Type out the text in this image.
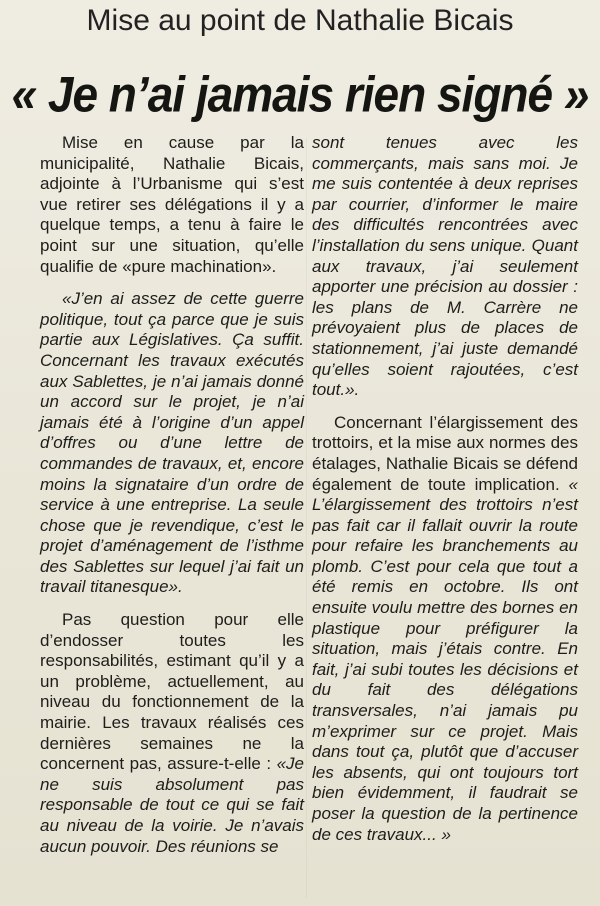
Mise au point de Nathalie Bicais
« Je n’ai jamais rien signé »

Mise en cause par la municipalité, Nathalie Bicais, adjointe à l’Urbanisme qui s’est vue retirer ses délégations il y a quelque temps, a tenu à faire le point sur une situation, qu’elle qualifie de «pure machination».

«J’en ai assez de cette guerre politique, tout ça parce que je suis partie aux Législatives. Ça suffit. Concernant les travaux exécutés aux Sablettes, je n’ai jamais donné un accord sur le projet, je n’ai jamais été à l’origine d’un appel d’offres ou d’une lettre de commandes de travaux, et, encore moins la signataire d’un ordre de service à une entreprise. La seule chose que je revendique, c’est le projet d’aménagement de l’isthme des Sablettes sur lequel j’ai fait un travail titanesque».

Pas question pour elle d’endosser toutes les responsabilités, estimant qu’il y a un problème, actuellement, au niveau du fonctionnement de la mairie. Les travaux réalisés ces dernières semaines ne la concernent pas, assure-t-elle : «Je ne suis absolument pas responsable de tout ce qui se fait au niveau de la voirie. Je n’avais aucun pouvoir. Des réunions se

sont tenues avec les commerçants, mais sans moi. Je me suis contentée à deux reprises par courrier, d’informer le maire des difficultés rencontrées avec l’installation du sens unique. Quant aux travaux, j’ai seulement apporter une précision au dossier : les plans de M. Carrère ne prévoyaient plus de places de stationnement, j’ai juste demandé qu’elles soient rajoutées, c’est tout.».

Concernant l’élargissement des trottoirs, et la mise aux normes des étalages, Nathalie Bicais se défend également de toute implication. « L’élargissement des trottoirs n’est pas fait car il fallait ouvrir la route pour refaire les branchements au plomb. C’est pour cela que tout a été remis en octobre. Ils ont ensuite voulu mettre des bornes en plastique pour préfigurer la situation, mais j’étais contre. En fait, j’ai subi toutes les décisions et du fait des délégations transversales, n’ai jamais pu m’exprimer sur ce projet. Mais dans tout ça, plutôt que d’accuser les absents, qui ont toujours tort bien évidemment, il faudrait se poser la question de la pertinence de ces travaux... »
